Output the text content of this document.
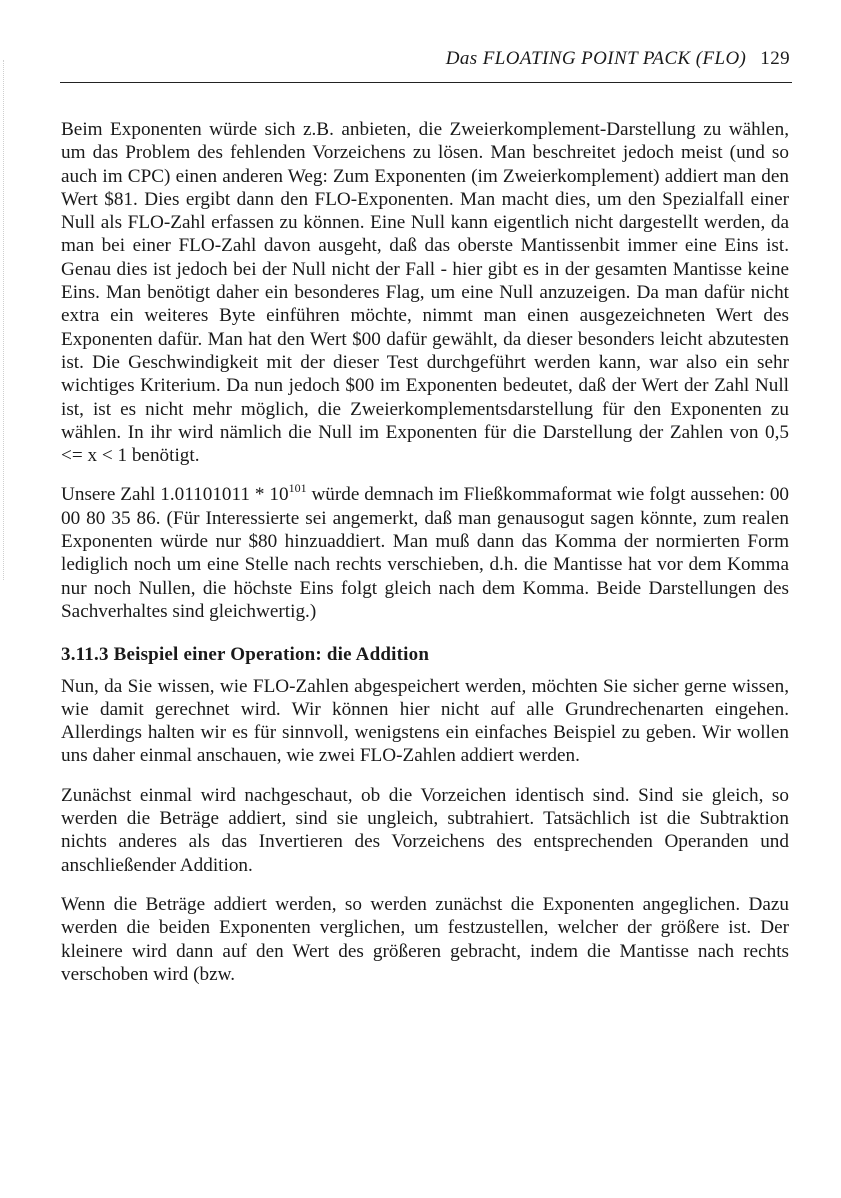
Das FLOATING POINT PACK (FLO) 129

Beim Exponenten würde sich z.B. anbieten, die Zweierkomplement-Darstellung zu wählen, um das Problem des fehlenden Vorzeichens zu lösen. Man beschreitet jedoch meist (und so auch im CPC) einen anderen Weg: Zum Exponenten (im Zweierkomplement) addiert man den Wert $81. Dies ergibt dann den FLO-Exponenten. Man macht dies, um den Spezialfall einer Null als FLO-Zahl erfassen zu können. Eine Null kann eigentlich nicht dargestellt werden, da man bei einer FLO-Zahl davon ausgeht, daß das oberste Mantissenbit immer eine Eins ist. Genau dies ist jedoch bei der Null nicht der Fall - hier gibt es in der gesamten Mantisse keine Eins. Man benötigt daher ein besonderes Flag, um eine Null anzuzeigen. Da man dafür nicht extra ein weiteres Byte einführen möchte, nimmt man einen ausgezeichneten Wert des Exponenten dafür. Man hat den Wert $00 dafür gewählt, da dieser besonders leicht abzutesten ist. Die Geschwindigkeit mit der dieser Test durchgeführt werden kann, war also ein sehr wichtiges Kriterium. Da nun jedoch $00 im Exponenten bedeutet, daß der Wert der Zahl Null ist, ist es nicht mehr möglich, die Zweierkomplementsdarstellung für den Exponenten zu wählen. In ihr wird nämlich die Null im Exponenten für die Darstellung der Zahlen von 0,5 <= x < 1 benötigt.

Unsere Zahl $1.01101011 * 10^{101}$ würde demnach im Fließkommaformat wie folgt aussehen: 00 00 80 35 86. (Für Interessierte sei angemerkt, daß man genausogut sagen könnte, zum realen Exponenten würde nur $80 hinzuaddiert. Man muß dann das Komma der normierten Form lediglich noch um eine Stelle nach rechts verschieben, d.h. die Mantisse hat vor dem Komma nur noch Nullen, die höchste Eins folgt gleich nach dem Komma. Beide Darstellungen des Sachverhaltes sind gleichwertig.)

3.11.3 Beispiel einer Operation: die Addition

Nun, da Sie wissen, wie FLO-Zahlen abgespeichert werden, möchten Sie sicher gerne wissen, wie damit gerechnet wird. Wir können hier nicht auf alle Grundrechenarten eingehen. Allerdings halten wir es für sinnvoll, wenigstens ein einfaches Beispiel zu geben. Wir wollen uns daher einmal anschauen, wie zwei FLO-Zahlen addiert werden.

Zunächst einmal wird nachgeschaut, ob die Vorzeichen identisch sind. Sind sie gleich, so werden die Beträge addiert, sind sie ungleich, subtrahiert. Tatsächlich ist die Subtraktion nichts anderes als das Invertieren des Vorzeichens des entsprechenden Operanden und anschließender Addition.

Wenn die Beträge addiert werden, so werden zunächst die Exponenten angeglichen. Dazu werden die beiden Exponenten verglichen, um festzustellen, welcher der größere ist. Der kleinere wird dann auf den Wert des größeren gebracht, indem die Mantisse nach rechts verschoben wird (bzw.
